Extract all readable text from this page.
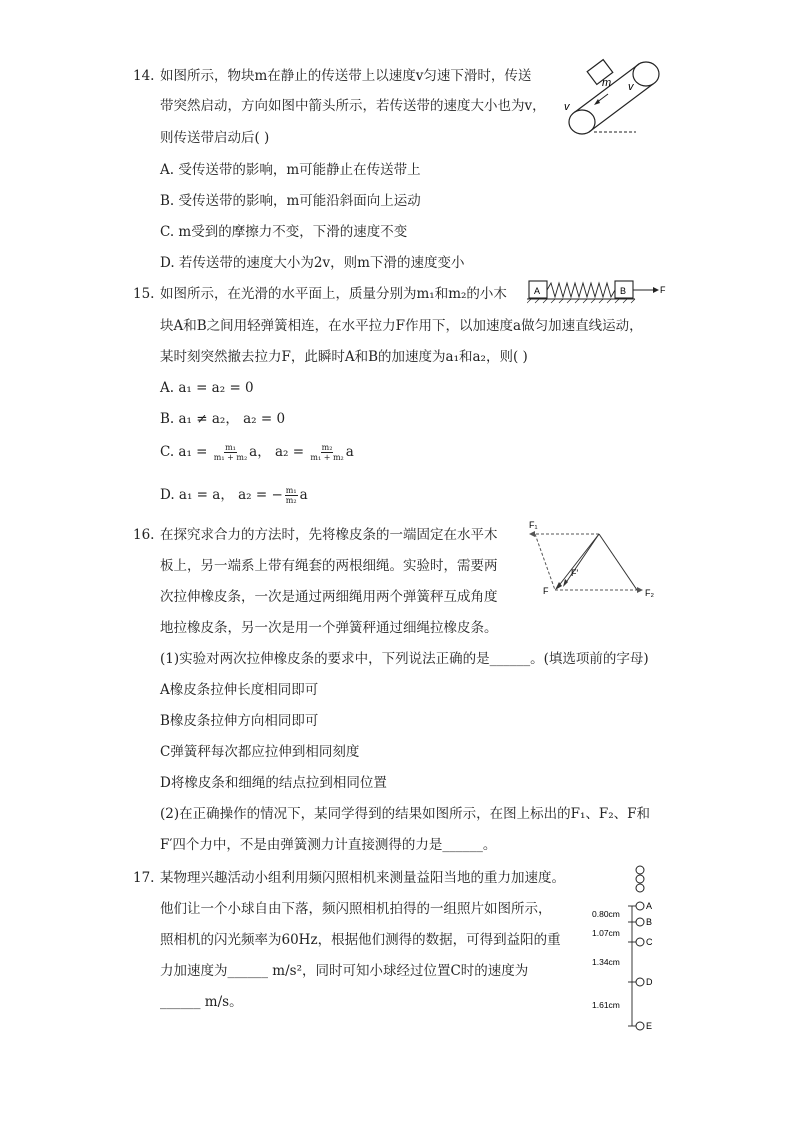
14. 如图所示，物块m在静止的传送带上以速度v匀速下滑时，传送
带突然启动，方向如图中箭头所示，若传送带的速度大小也为v，
则传送带启动后( )
A. 受传送带的影响，m可能静止在传送带上
B. 受传送带的影响，m可能沿斜面向上运动
C. m受到的摩擦力不变，下滑的速度不变
D. 若传送带的速度大小为2v，则m下滑的速度变小
m v
v
15. 如图所示，在光滑的水平面上，质量分别为m₁和m₂的小木
块A和B之间用轻弹簧相连，在水平拉力F作用下，以加速度a做匀加速直线运动，
某时刻突然撤去拉力F，此瞬时A和B的加速度为a₁和a₂，则( )
A. a₁ = a₂ = 0
B. a₁ ≠ a₂， a₂ = 0
C. $a_1 = \frac{\text{m₁}}{\text{m₁ + m₂}}$ a， $a_2 = \frac{\text{m₂}}{\text{m₁ + m₂}}$ a
D. a₁ = a， a₂ = − $\frac{\text{m₁}}{\text{m₂}}$ a
A	B	F
16. 在探究求合力的方法时，先将橡皮条的一端固定在水平木
板上，另一端系上带有绳套的两根细绳。实验时，需要两
次拉伸橡皮条，一次是通过两细绳用两个弹簧秤互成角度
地拉橡皮条，另一次是用一个弹簧秤通过细绳拉橡皮条。
(1)实验对两次拉伸橡皮条的要求中，下列说法正确的是______。(填选项前的字母)
A橡皮条拉伸长度相同即可
B橡皮条拉伸方向相同即可
C弹簧秤每次都应拉伸到相同刻度
D将橡皮条和细绳的结点拉到相同位置
(2)在正确操作的情况下，某同学得到的结果如图所示，在图上标出的F₁、F₂、F和
F′四个力中，不是由弹簧测力计直接测得的力是______。
F₁
F₂
F
F′
17. 某物理兴趣活动小组利用频闪照相机来测量益阳当地的重力加速度。
他们让一个小球自由下落，频闪照相机拍得的一组照片如图所示，
照相机的闪光频率为60Hz，根据他们测得的数据，可得到益阳的重
力加速度为______ m/s²，同时可知小球经过位置C时的速度为
______ m/s。
A
B
C
D
E
0.80cm
1.07cm
1.34cm
1.61cm
